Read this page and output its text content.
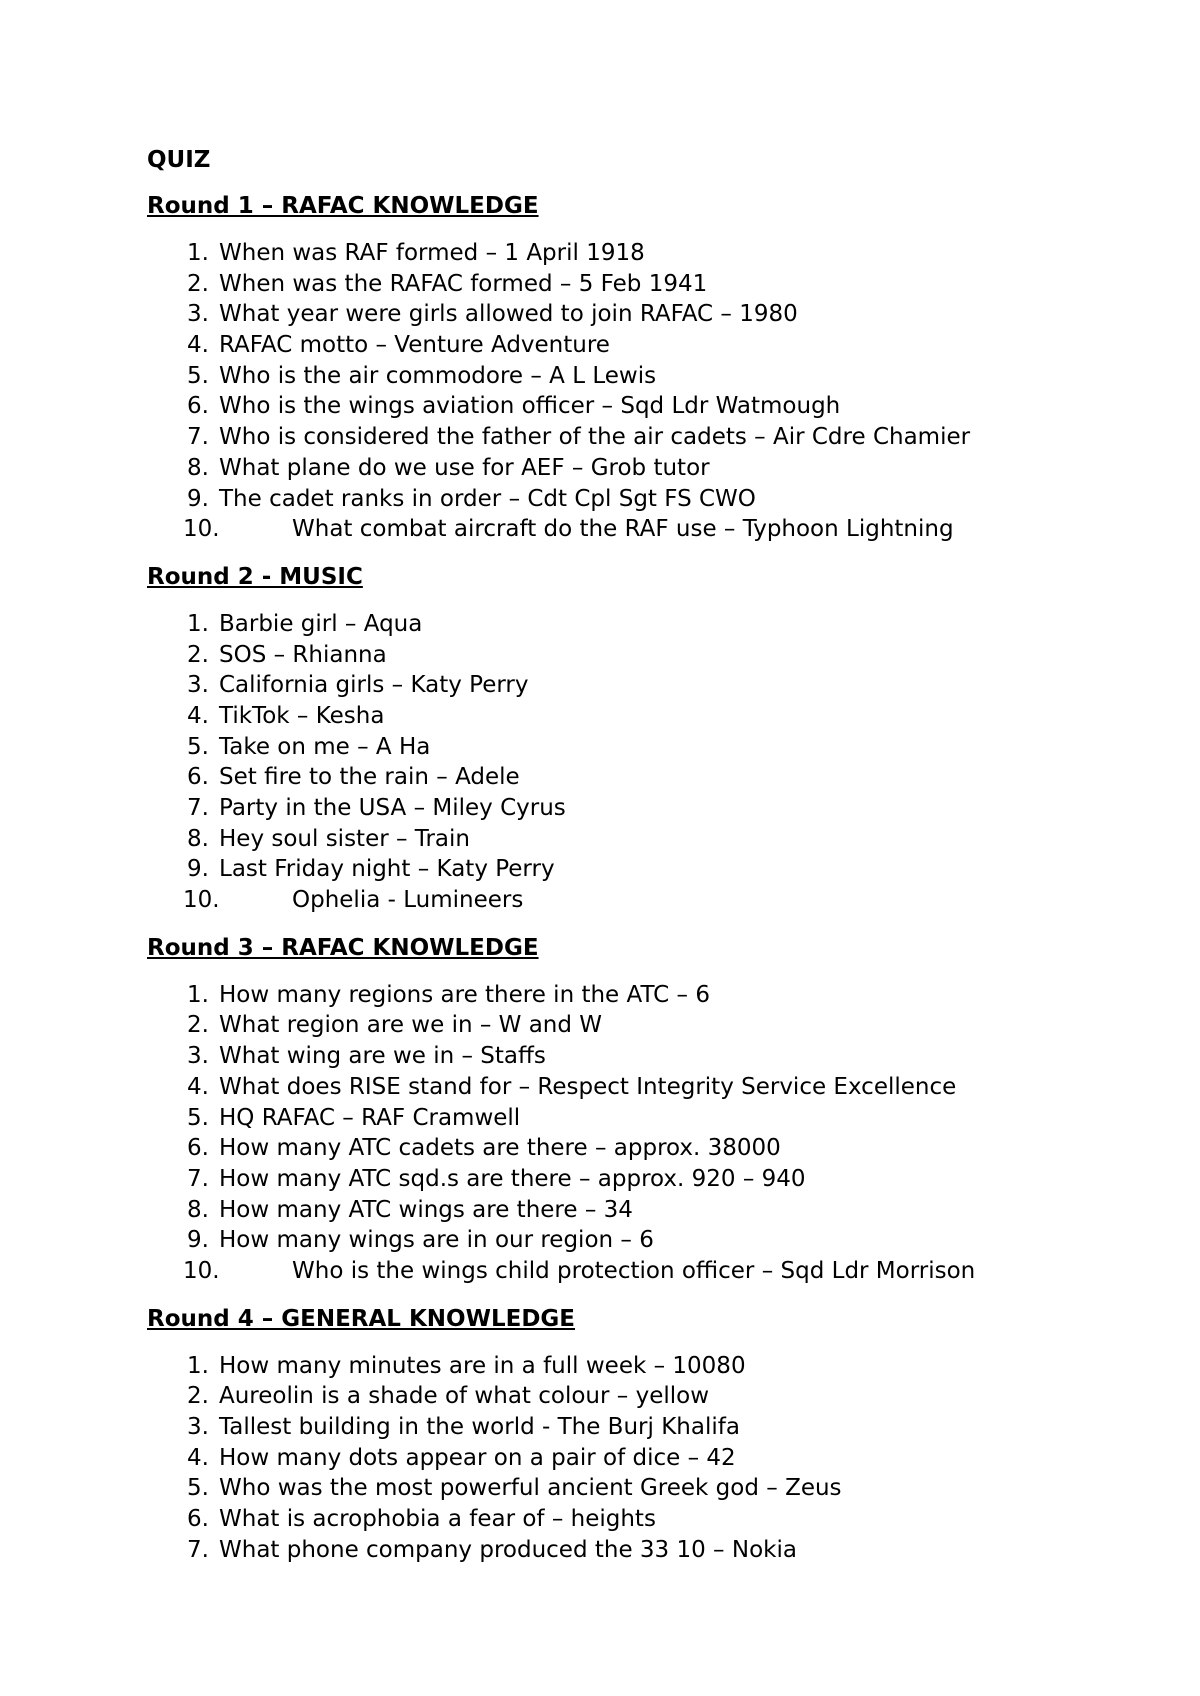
QUIZ
Round 1 – RAFAC KNOWLEDGE
1. When was RAF formed – 1 April 1918
2. When was the RAFAC formed – 5 Feb 1941
3. What year were girls allowed to join RAFAC – 1980
4. RAFAC motto – Venture Adventure
5. Who is the air commodore – A L Lewis
6. Who is the wings aviation officer – Sqd Ldr Watmough
7. Who is considered the father of the air cadets – Air Cdre Chamier
8. What plane do we use for AEF – Grob tutor
9. The cadet ranks in order – Cdt Cpl Sgt FS CWO
10.	What combat aircraft do the RAF use – Typhoon Lightning
Round 2 - MUSIC
1. Barbie girl – Aqua
2. SOS – Rhianna
3. California girls – Katy Perry
4. TikTok – Kesha
5. Take on me – A Ha
6. Set fire to the rain – Adele
7. Party in the USA – Miley Cyrus
8. Hey soul sister – Train
9. Last Friday night – Katy Perry
10.	Ophelia - Lumineers
Round 3 – RAFAC KNOWLEDGE
1. How many regions are there in the ATC – 6
2. What region are we in – W and W
3. What wing are we in – Staffs
4. What does RISE stand for – Respect Integrity Service Excellence
5. HQ RAFAC – RAF Cramwell
6. How many ATC cadets are there – approx. 38000
7. How many ATC sqd.s are there – approx. 920 – 940
8. How many ATC wings are there – 34
9. How many wings are in our region – 6
10.	Who is the wings child protection officer – Sqd Ldr Morrison
Round 4 – GENERAL KNOWLEDGE
1. How many minutes are in a full week – 10080
2. Aureolin is a shade of what colour – yellow
3. Tallest building in the world - The Burj Khalifa
4. How many dots appear on a pair of dice – 42
5. Who was the most powerful ancient Greek god – Zeus
6. What is acrophobia a fear of – heights
7. What phone company produced the 33 10 – Nokia
